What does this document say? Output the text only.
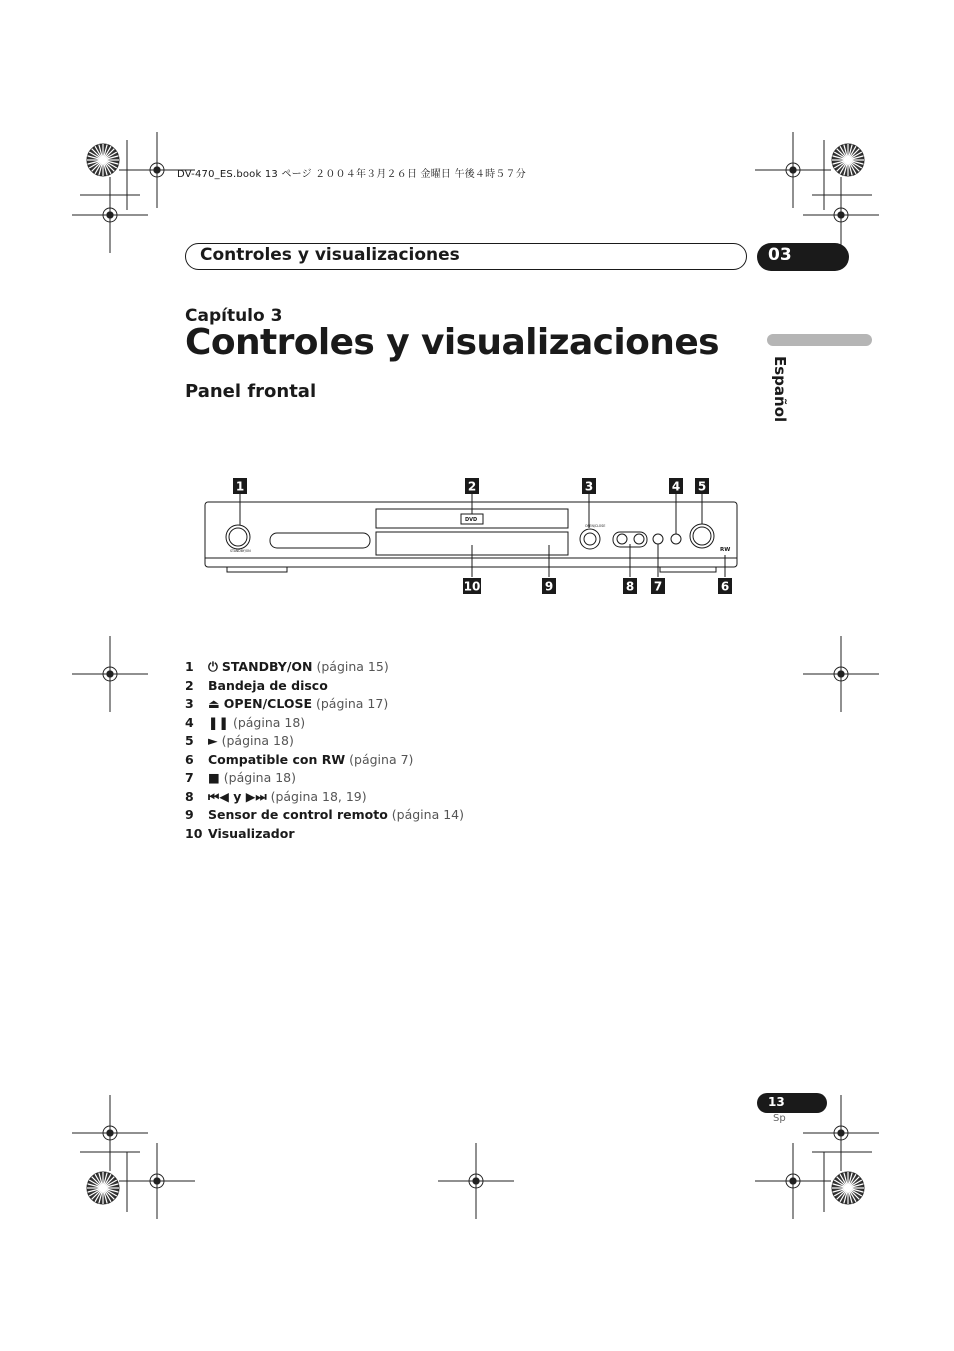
DV-470_ES.book 13 ページ ２００４年３月２６日 金曜日 午後４時５７分
Controles y visualizaciones	03
Español
Capítulo 3
Controles y visualizaciones
Panel frontal
OPEN/CLOSE
STANDBY/ON
DVD
RW
1	2	3	4 5
6
7
8
9
10
1 ⏻ STANDBY/ON (página 15)
2 Bandeja de disco
3 ⏏ OPEN/CLOSE (página 17)
4 ❚❚ (página 18)
5 ► (página 18)
6 Compatible con RW (página 7)
7 ■ (página 18)
8 ⏮◀ y ▶⏭ (página 18, 19)
9 Sensor de control remoto (página 14)
10 Visualizador
13
Sp
